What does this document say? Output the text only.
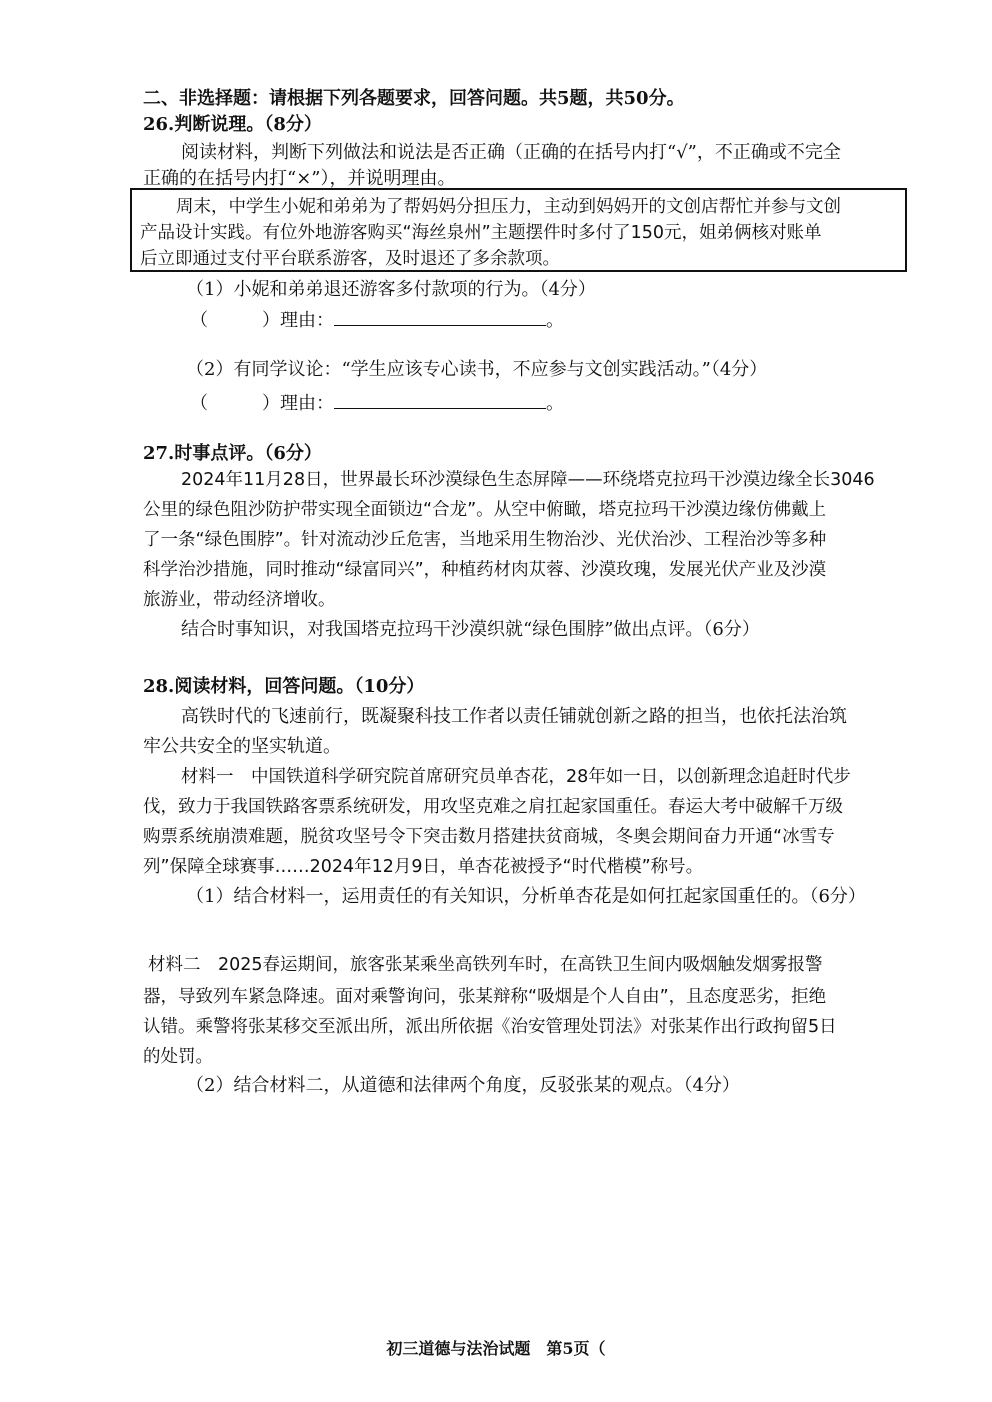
二、非选择题：请根据下列各题要求，回答问题。共5题，共50分。
26.判断说理。（8分）
阅读材料，判断下列做法和说法是否正确（正确的在括号内打“√”，不正确或不完全
正确的在括号内打“×”），并说明理由。
周末，中学生小妮和弟弟为了帮妈妈分担压力，主动到妈妈开的文创店帮忙并参与文创
产品设计实践。有位外地游客购买“海丝泉州”主题摆件时多付了150元，姐弟俩核对账单
后立即通过支付平台联系游客，及时退还了多余款项。
（1）小妮和弟弟退还游客多付款项的行为。（4分）
（	）理由：	。
（2）有同学议论：“学生应该专心读书，不应参与文创实践活动。”（4分）
（	）理由：	。
27.时事点评。（6分）
2024年11月28日，世界最长环沙漠绿色生态屏障——环绕塔克拉玛干沙漠边缘全长3046
公里的绿色阻沙防护带实现全面锁边“合龙”。从空中俯瞰，塔克拉玛干沙漠边缘仿佛戴上
了一条“绿色围脖”。针对流动沙丘危害，当地采用生物治沙、光伏治沙、工程治沙等多种
科学治沙措施，同时推动“绿富同兴”，种植药材肉苁蓉、沙漠玫瑰，发展光伏产业及沙漠
旅游业，带动经济增收。
结合时事知识，对我国塔克拉玛干沙漠织就“绿色围脖”做出点评。（6分）
28.阅读材料，回答问题。（10分）
高铁时代的飞速前行，既凝聚科技工作者以责任铺就创新之路的担当，也依托法治筑
牢公共安全的坚实轨道。
材料一　中国铁道科学研究院首席研究员单杏花，28年如一日，以创新理念追赶时代步
伐，致力于我国铁路客票系统研发，用攻坚克难之肩扛起家国重任。春运大考中破解千万级
购票系统崩溃难题，脱贫攻坚号令下突击数月搭建扶贫商城，冬奥会期间奋力开通“冰雪专
列”保障全球赛事……2024年12月9日，单杏花被授予“时代楷模”称号。
（1）结合材料一，运用责任的有关知识，分析单杏花是如何扛起家国重任的。（6分）
材料二　2025春运期间，旅客张某乘坐高铁列车时，在高铁卫生间内吸烟触发烟雾报警
器，导致列车紧急降速。面对乘警询问，张某辩称“吸烟是个人自由”，且态度恶劣，拒绝
认错。乘警将张某移交至派出所，派出所依据《治安管理处罚法》对张某作出行政拘留5日
的处罚。
（2）结合材料二，从道德和法律两个角度，反驳张某的观点。（4分）
初三道德与法治试题　第5页（
